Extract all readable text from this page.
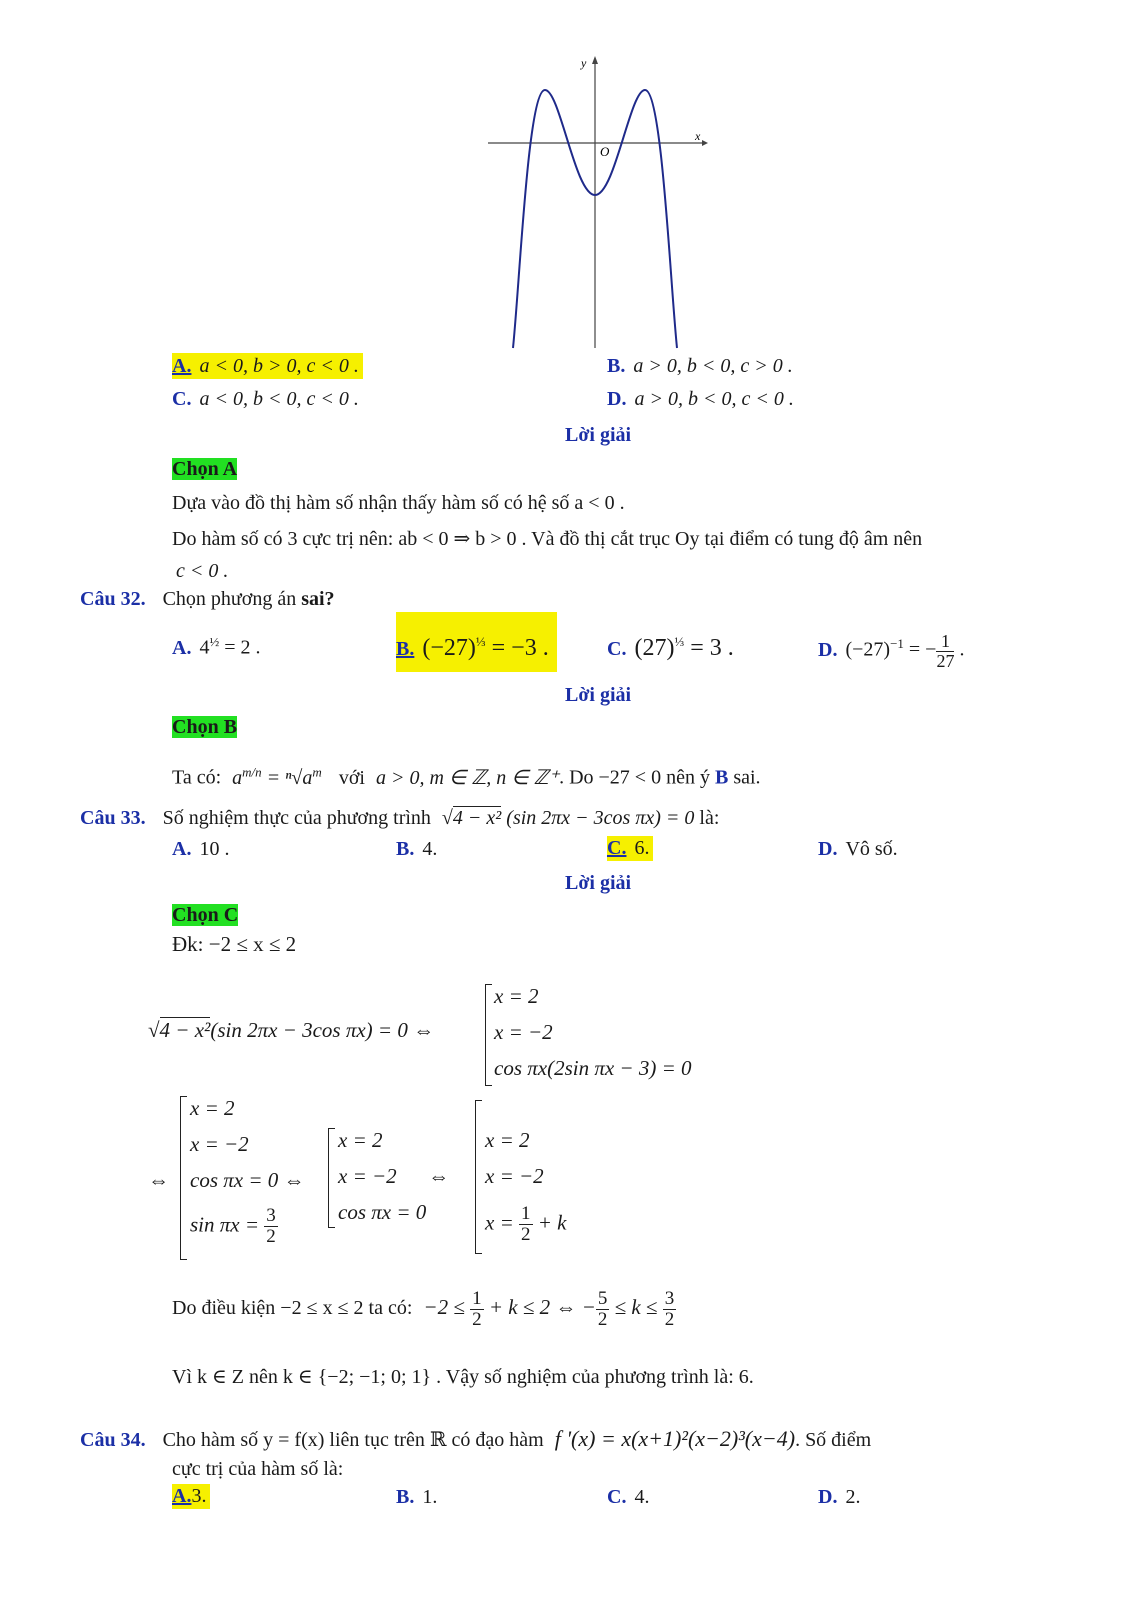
y
x
O
A. a < 0, b > 0, c < 0 .	B. a > 0, b < 0, c > 0 .
C. a < 0, b < 0, c < 0 .	D. a > 0, b < 0, c < 0 .
Lời giải
Chọn A
Dựa vào đồ thị hàm số nhận thấy hàm số có hệ số a < 0 .
Do hàm số có 3 cực trị nên: ab < 0 ⇒ b > 0 . Và đồ thị cắt trục Oy tại điểm có tung độ âm nên
c < 0 .
Câu 32. Chọn phương án sai?
A. $4^{\frac{1}{2}} = 2$ .	B. $(-27)^{\frac{1}{3}} = -3$ .	C. $(27)^{\frac{1}{3}} = 3$ .	D. $(-27)^{-1}$ = − $\frac{1}{27}$ .
Lời giải
Chọn B
Ta có: $a^{m/n} = ^n√a^m$ với a > 0, m ∈ ℤ, n ∈ ℤ⁺. Do −27 < 0 nên ý B sai.
Câu 33. Số nghiệm thực của phương trình √4 − x² (sin 2πx − 3cos πx) = 0 là:
A. 10 .	B. 4.	C. 6.	D. Vô số.
Lời giải
Chọn C
Đk: −2 ≤ x ≤ 2
√4 − x²(sin 2πx − 3cos πx) = 0 ⇔
x = 2
x = −2
cos πx(2sin πx − 3) = 0
⇔
x = 2
x = −2
cos πx = 0 ⇔
$\sin \pi x = \frac{3}{2}$
x = 2
x = −2      ⇔
cos πx = 0
x = 2
x = −2
$x = \frac{1}{2} + k$
Do điều kiện −2 ≤ x ≤ 2 ta có: $-2 \le \frac{1}{2} + k \le 2$ ⇔ − $\frac{5}{2} \le k \le \frac{3}{2}$
Vì k ∈ Z nên k ∈ {−2; −1; 0; 1} . Vậy số nghiệm của phương trình là: 6.
Câu 34. Cho hàm số y = f(x) liên tục trên ℝ có đạo hàm f '(x) = x(x+1)²(x−2)³(x−4). Số điểm
cực trị của hàm số là:
A.3.	B. 1.	C. 4.	D. 2.
